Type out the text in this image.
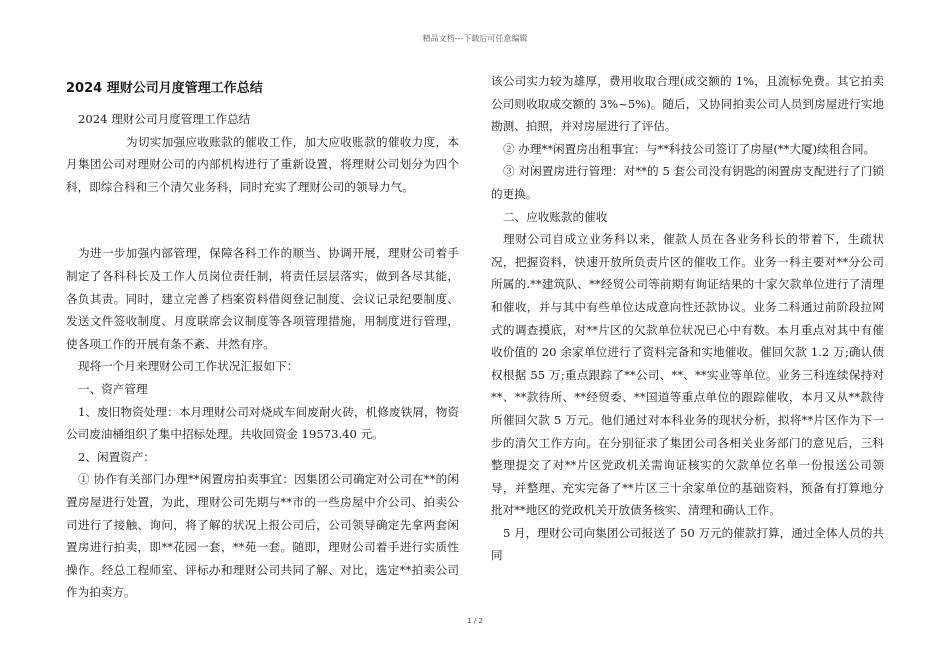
精品文档---下载后可任意编辑
2024 理财公司月度管理工作总结

2024 理财公司月度管理工作总结

为切实加强应收账款的催收工作，加大应收账款的催收力度，本月集团公司对理财公司的内部机构进行了重新设置，将理财公司划分为四个科，即综合科和三个清欠业务科，同时充实了理财公司的领导力气。

为进一步加强内部管理，保障各科工作的顺当、协调开展，理财公司着手制定了各科科长及工作人员岗位责任制，将责任层层落实，做到各尽其能，各负其责。同时，建立完善了档案资料借阅登记制度、会议记录纪要制度、发送文件签收制度、月度联席会议制度等各项管理措施，用制度进行管理，使各项工作的开展有条不紊、井然有序。

现将一个月来理财公司工作状况汇报如下：

一、资产管理

1、废旧物资处理：本月理财公司对烧成车间废耐火砖，机修废铁屑，物资公司废油桶组织了集中招标处理。共收回资金 19573.40 元。

2、闲置资产：

① 协作有关部门办理**闲置房拍卖事宜：因集团公司确定对公司在**的闲置房屋进行处置，为此，理财公司先期与**市的一些房屋中介公司、拍卖公司进行了接触、询问，将了解的状况上报公司后，公司领导确定先拿两套闲置房进行拍卖，即**花园一套，**苑一套。随即，理财公司着手进行实质性操作。经总工程师室、评标办和理财公司共同了解、对比，选定**拍卖公司作为拍卖方。

该公司实力较为雄厚，费用收取合理(成交额的 1%，且流标免费。其它拍卖公司则收取成交额的 3%~5%)。随后，又协同拍卖公司人员到房屋进行实地勘测、拍照，并对房屋进行了评估。

② 办理**闲置房出租事宜：与**科技公司签订了房屋(**大厦)续租合同。

③ 对闲置房进行管理：对**的 5 套公司没有钥匙的闲置房支配进行了门锁的更换。

二、应收账款的催收

理财公司自成立业务科以来，催款人员在各业务科长的带着下，生疏状况，把握资料，快速开放所负责片区的催收工作。业务一科主要对**分公司所属的.**建筑队、**经贸公司等前期有询证结果的十家欠款单位进行了清理和催收，并与其中有些单位达成意向性还款协议。业务二科通过前阶段拉网式的调查摸底，对**片区的欠款单位状况已心中有数。本月重点对其中有催收价值的 20 余家单位进行了资料完备和实地催收。催回欠款 1.2 万;确认债权根据 55 万;重点跟踪了**公司、**、**实业等单位。业务三科连续保持对**、**款待所、**经贸委、**国道等重点单位的跟踪催收，本月又从**款待所催回欠款 5 万元。他们通过对本科业务的现状分析，拟将**片区作为下一步的清欠工作方向。在分别征求了集团公司各相关业务部门的意见后，三科整理提交了对**片区党政机关需询证核实的欠款单位名单一份报送公司领导，并整理、充实完备了**片区三十余家单位的基础资料，预备有打算地分批对**地区的党政机关开放债务核实、清理和确认工作。

5 月，理财公司向集团公司报送了 50 万元的催款打算，通过全体人员的共同

1 / 2
